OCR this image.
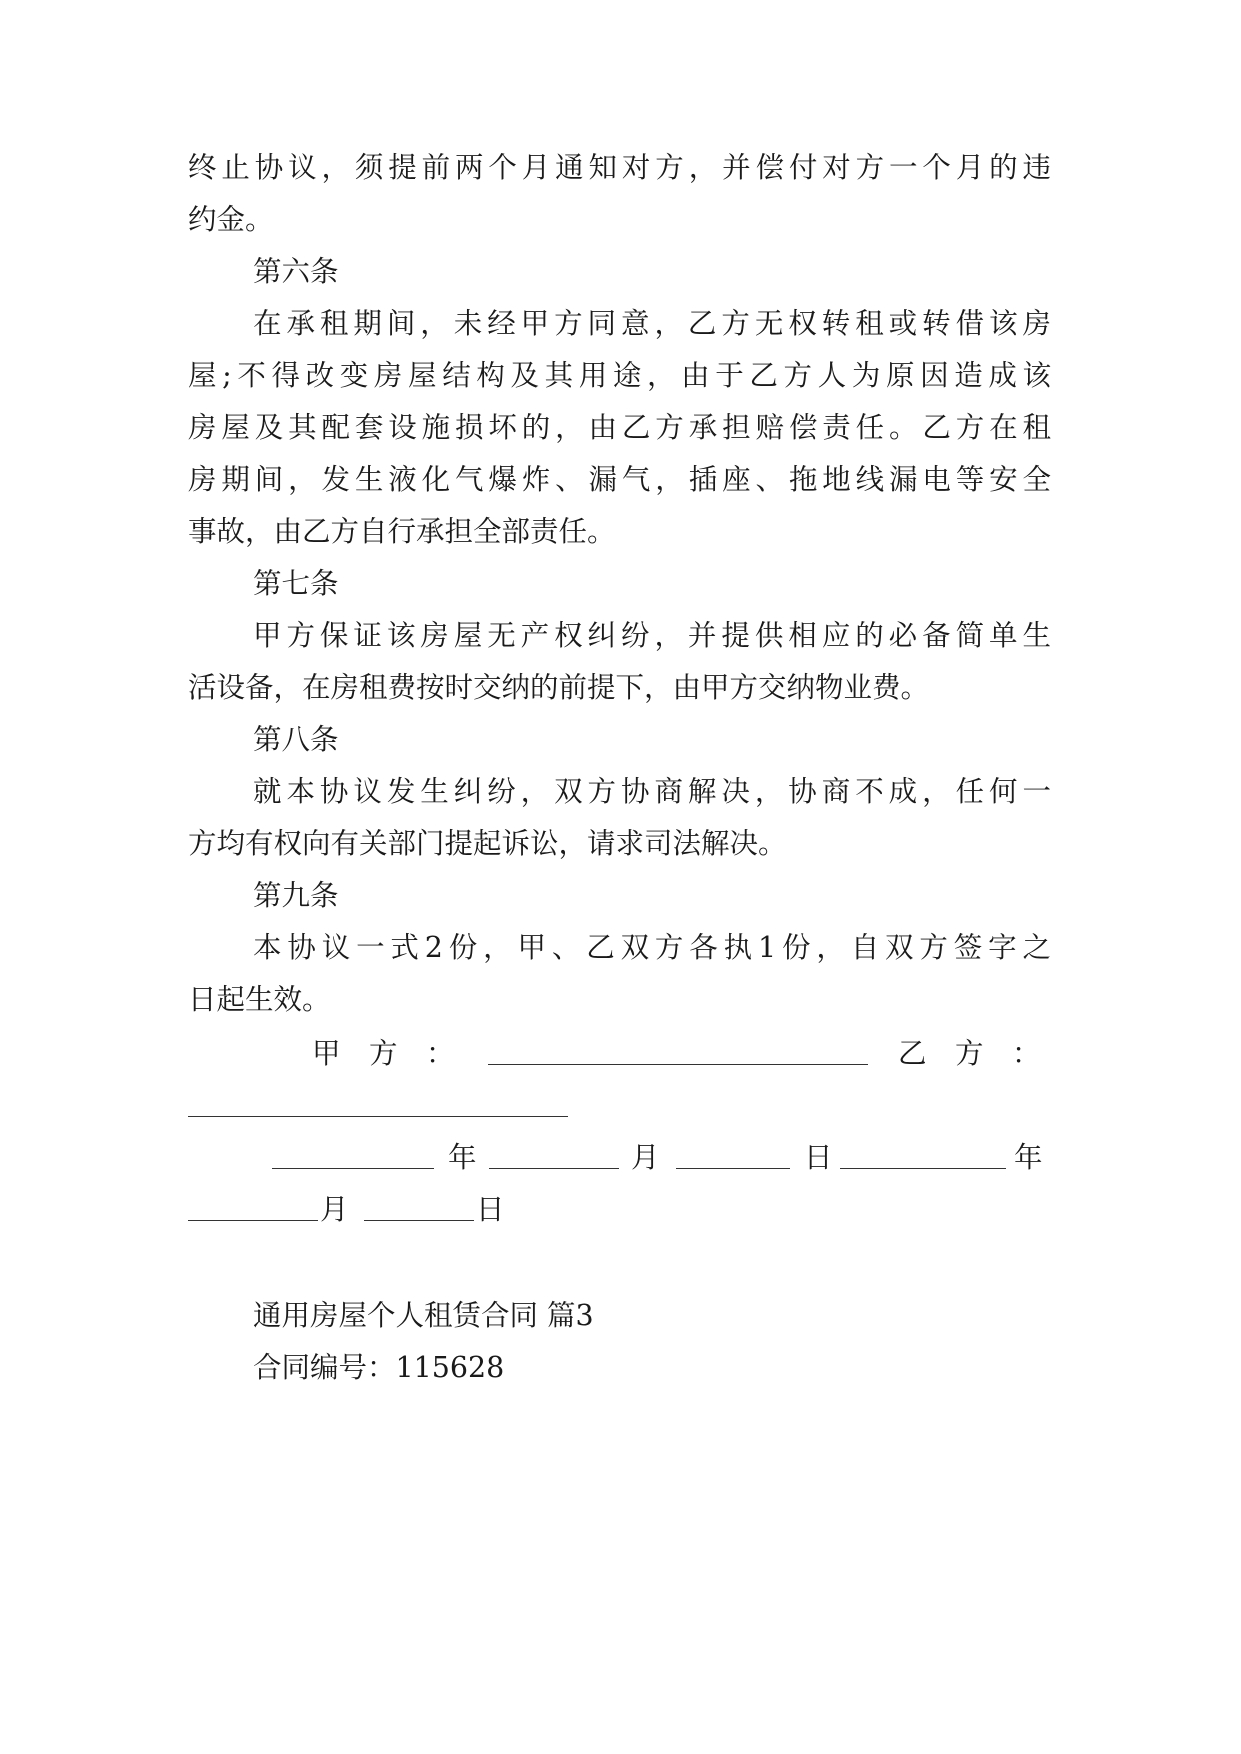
终止协议，须提前两个月通知对方，并偿付对方一个月的违

约金。

第六条

在承租期间，未经甲方同意，乙方无权转租或转借该房

屋;不得改变房屋结构及其用途，由于乙方人为原因造成该

房屋及其配套设施损坏的，由乙方承担赔偿责任。乙方在租

房期间，发生液化气爆炸、漏气，插座、拖地线漏电等安全

事故，由乙方自行承担全部责任。

第七条

甲方保证该房屋无产权纠纷，并提供相应的必备简单生

活设备，在房租费按时交纳的前提下，由甲方交纳物业费。

第八条

就本协议发生纠纷，双方协商解决，协商不成，任何一

方均有权向有关部门提起诉讼，请求司法解决。

第九条

本协议一式2份，甲、乙双方各执1份，自双方签字之

日起生效。

甲　方　：	乙　方　：
年	月	日	年
月	日

通用房屋个人租赁合同 篇3

合同编号：115628
